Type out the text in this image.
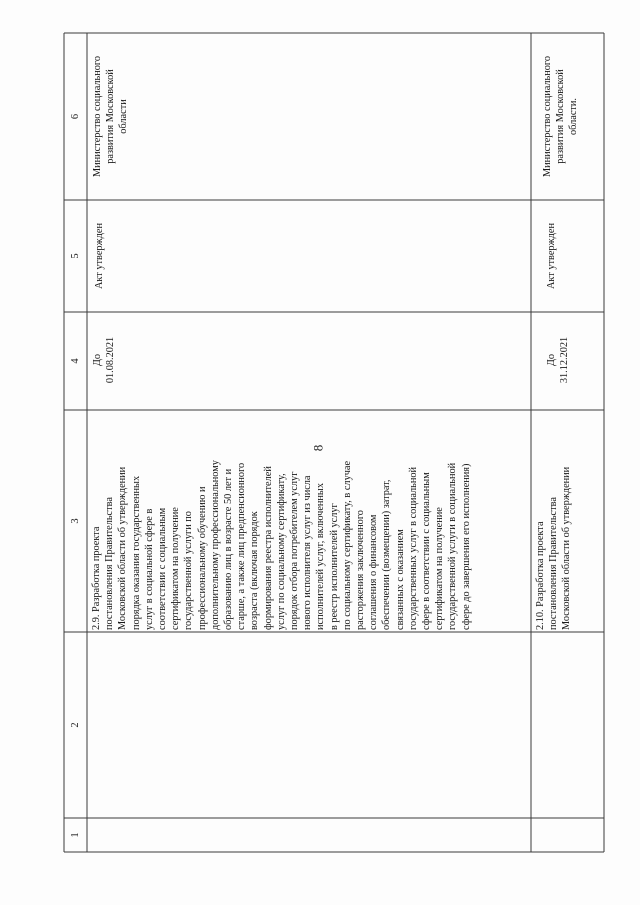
8
1
2
3
4
5
6
2.9. Разработка проекта постановления Правительства Московской области об утверждении порядка оказания государственных услуг в социальной сфере в соответствии с социальным сертификатом на получение государственной услуги по профессиональному обучению и дополнительному профессиональному образованию лиц в возрасте 50 лет и старше, а также лиц предпенсионного возраста (включая порядок формирования реестра исполнителей услуг по социальному сертификату, порядок отбора потребителем услуг нового исполнителя услуг из числа исполнителей услуг, включенных в реестр исполнителей услуг по социальному сертификату, в случае расторжения заключенного соглашения о финансовом обеспечении (возмещении) затрат, связанных с оказанием государственных услуг в социальной сфере в соответствии с социальным сертификатом на получение государственной услуги в социальной сфере до завершения его исполнения)
До 01.08.2021
Акт утвержден
Министерство социального развития Московской области
2.10. Разработка проекта постановления Правительства Московской области об утверждении
До 31.12.2021
Акт утвержден
Министерство социального развития Московской области.
